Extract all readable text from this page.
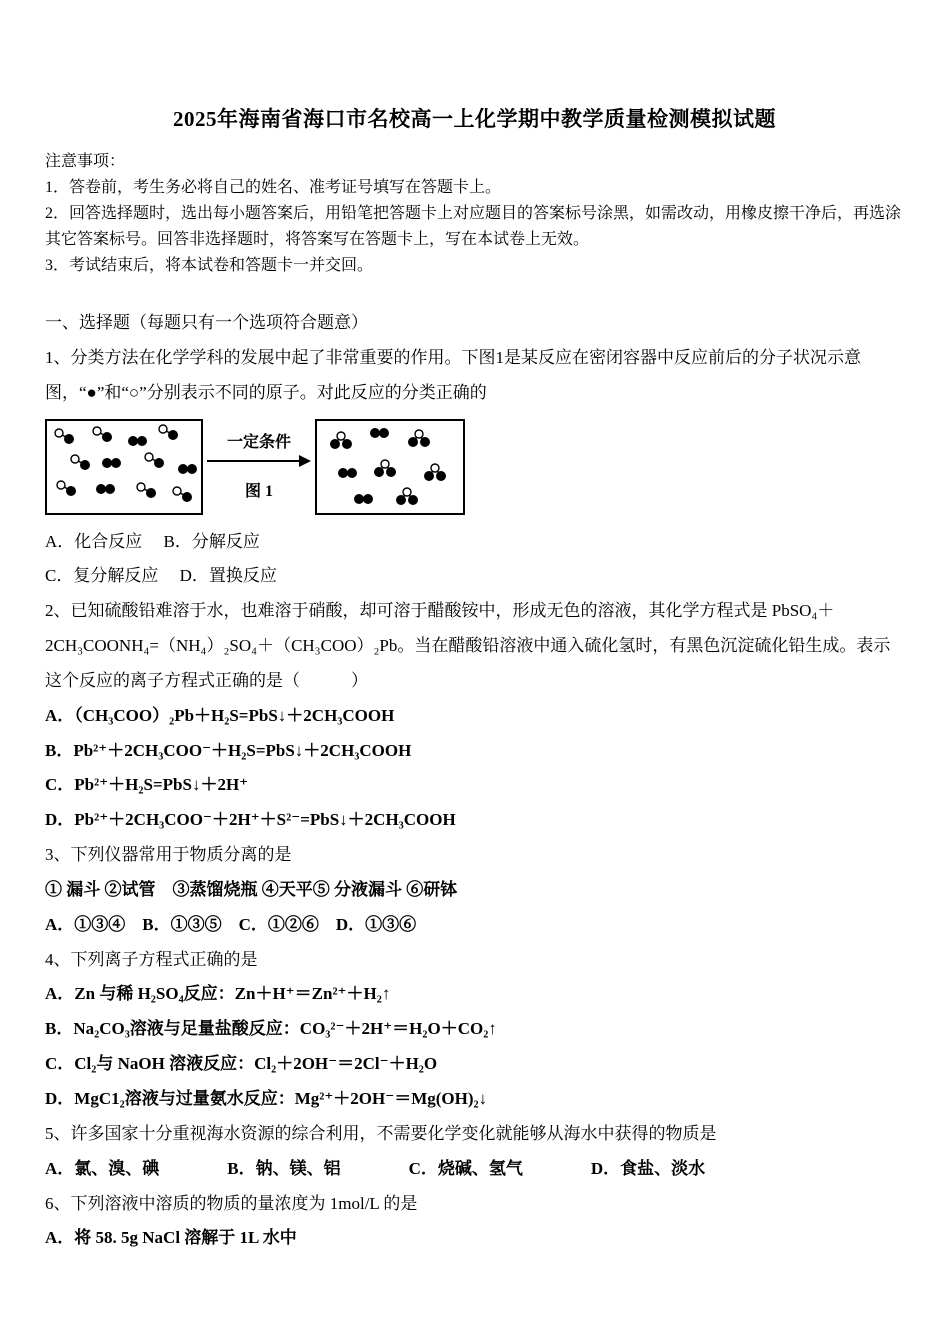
2025年海南省海口市名校高一上化学期中教学质量检测模拟试题

注意事项：

1．答卷前，考生务必将自己的姓名、准考证号填写在答题卡上。

2．回答选择题时，选出每小题答案后，用铅笔把答题卡上对应题目的答案标号涂黑，如需改动，用橡皮擦干净后，再选涂其它答案标号。回答非选择题时，将答案写在答题卡上，写在本试卷上无效。

3．考试结束后，将本试卷和答题卡一并交回。

一、选择题（每题只有一个选项符合题意）

1、分类方法在化学学科的发展中起了非常重要的作用。下图1是某反应在密闭容器中反应前后的分子状况示意图，“●”和“○”分别表示不同的原子。对此反应的分类正确的

一定条件
图 1

A．化合反应　 B．分解反应

C．复分解反应　 D．置换反应

2、已知硫酸铅难溶于水，也难溶于硝酸，却可溶于醋酸铵中，形成无色的溶液，其化学方程式是 PbSO₄＋2CH₃COONH₄=（NH₄）₂SO₄＋（CH₃COO）₂Pb。当在醋酸铅溶液中通入硫化氢时，有黑色沉淀硫化铅生成。表示这个反应的离子方程式正确的是（　　　）

A．（CH₃COO）₂Pb＋H₂S=PbS↓＋2CH₃COOH

B．Pb²⁺＋2CH₃COO⁻＋H₂S=PbS↓＋2CH₃COOH

C．Pb²⁺＋H₂S=PbS↓＋2H⁺

D．Pb²⁺＋2CH₃COO⁻＋2H⁺＋S²⁻=PbS↓＋2CH₃COOH

3、下列仪器常用于物质分离的是

① 漏斗 ②试管　③蒸馏烧瓶 ④天平⑤ 分液漏斗 ⑥研钵

A．①③④　B．①③⑤　C．①②⑥　D．①③⑥

4、下列离子方程式正确的是

A．Zn 与稀 H₂SO₄反应：Zn＋H⁺＝Zn²⁺＋H₂↑

B．Na₂CO₃溶液与足量盐酸反应：CO₃²⁻＋2H⁺＝H₂O＋CO₂↑

C．Cl₂与 NaOH 溶液反应：Cl₂＋2OH⁻＝2Cl⁻＋H₂O

D．MgC1₂溶液与过量氨水反应：Mg²⁺＋2OH⁻＝Mg(OH)₂↓

5、许多国家十分重视海水资源的综合利用，不需要化学变化就能够从海水中获得的物质是

A．氯、溴、碘　　　　B．钠、镁、铝　　　　C．烧碱、氢气　　　　D．食盐、淡水

6、下列溶液中溶质的物质的量浓度为 1mol/L 的是

A．将 58. 5g NaCl 溶解于 1L 水中
